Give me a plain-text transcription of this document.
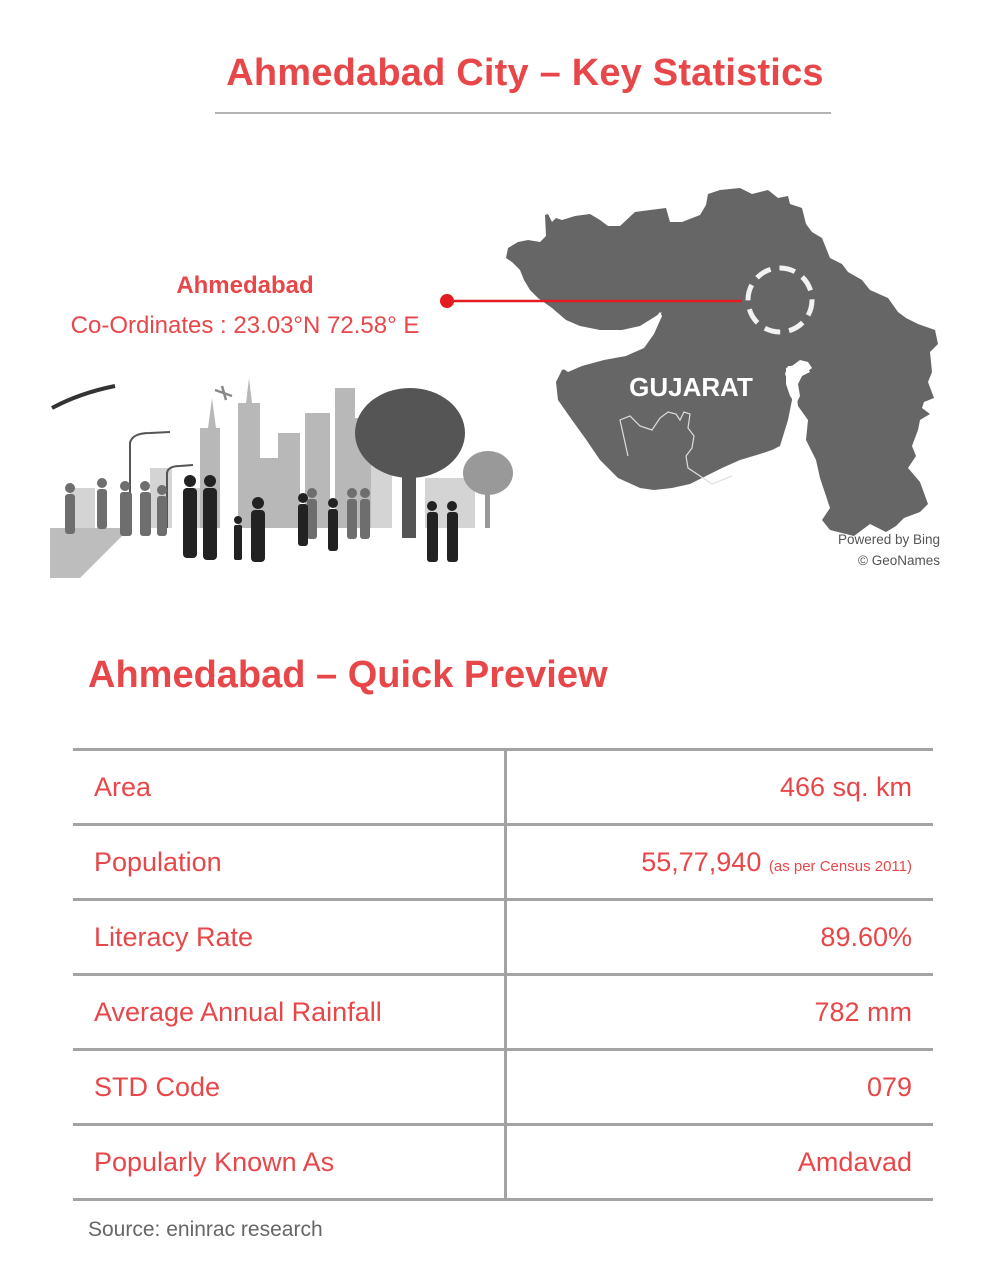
Ahmedabad City – Key Statistics
Ahmedabad
Co-Ordinates : 23.03°N 72.58° E
GUJARAT
Powered by Bing
© GeoNames
Ahmedabad – Quick Preview
Area	466 sq. km
Population	55,77,940 (as per Census 2011)
Literacy Rate	89.60%
Average Annual Rainfall	782 mm
STD Code	079
Popularly Known As	Amdavad
Source: eninrac research
